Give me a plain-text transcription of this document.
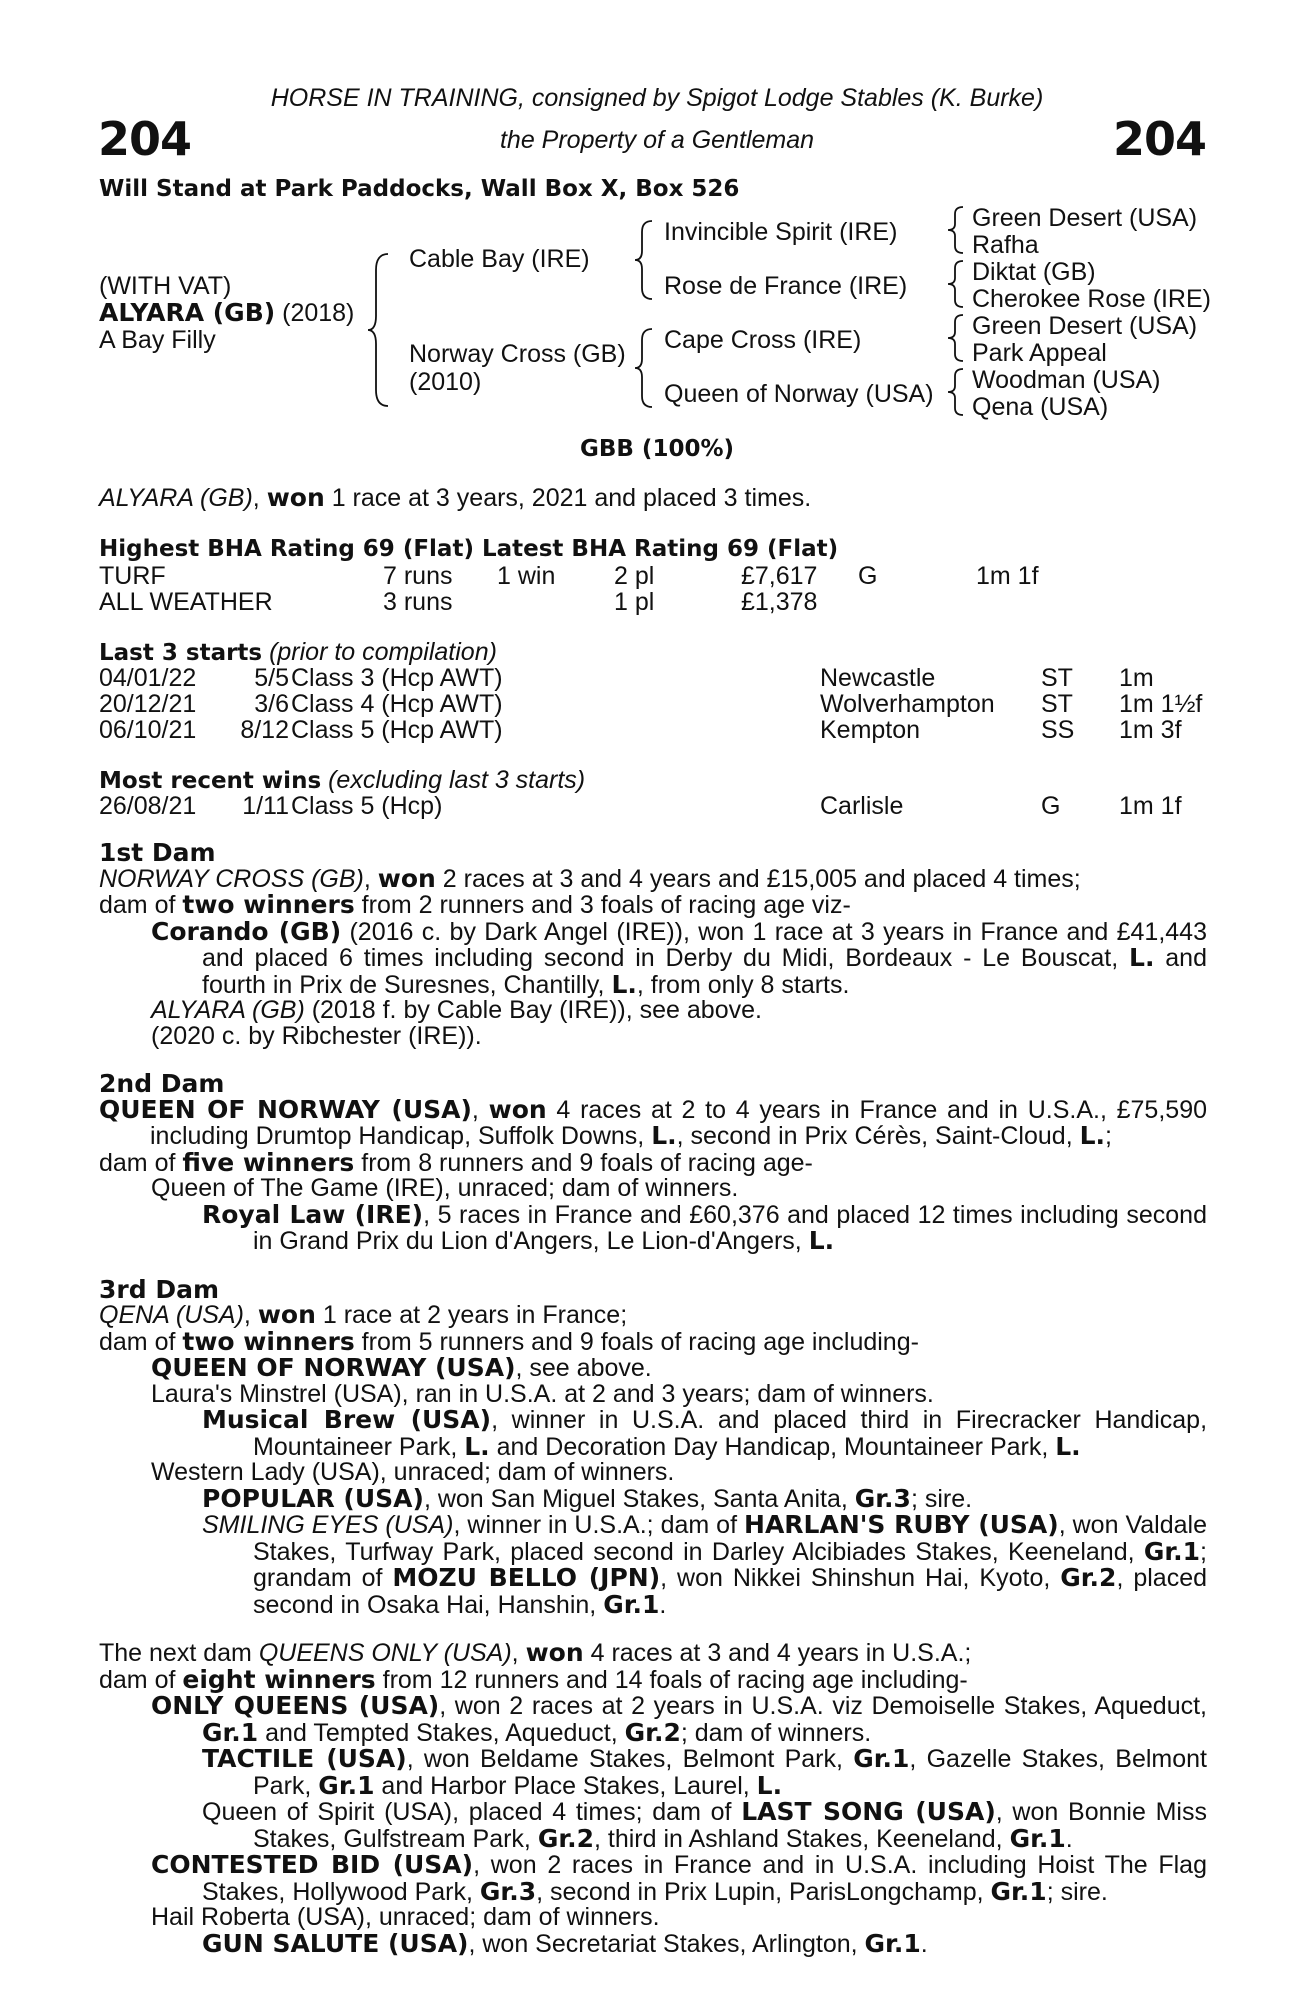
204	204
HORSE IN TRAINING, consigned by Spigot Lodge Stables (K. Burke)
the Property of a Gentleman
Will Stand at Park Paddocks, Wall Box X, Box 526
(WITH VAT)
ALYARA (GB) (2018)
A Bay Filly
Cable Bay (IRE)
Norway Cross (GB)
(2010)
Invincible Spirit (IRE)
Rose de France (IRE)
Cape Cross (IRE)
Queen of Norway (USA)
Green Desert (USA)
Rafha
Diktat (GB)
Cherokee Rose (IRE)
Green Desert (USA)
Park Appeal
Woodman (USA)
Qena (USA)
GBB (100%)
ALYARA (GB), won 1 race at 3 years, 2021 and placed 3 times.
Highest BHA Rating 69 (Flat) Latest BHA Rating 69 (Flat)
TURF	7 runs 1 win 2 pl	£7,617 G	1m 1f
ALL WEATHER	3 runs	1 pl	£1,378
Last 3 starts (prior to compilation)
04/01/22 5/5 Class 3 (Hcp AWT)	Newcastle	ST 1m
20/12/21 3/6 Class 4 (Hcp AWT)	Wolverhampton ST 1m 1½f
06/10/21 8/12 Class 5 (Hcp AWT)	Kempton	SS 1m 3f
Most recent wins (excluding last 3 starts)
26/08/21 1/11 Class 5 (Hcp)	Carlisle	G 1m 1f
1st Dam
NORWAY CROSS (GB), won 2 races at 3 and 4 years and £15,005 and placed 4 times;
dam of two winners from 2 runners and 3 foals of racing age viz-
Corando (GB) (2016 c. by Dark Angel (IRE)), won 1 race at 3 years in France and £41,443 and placed 6 times including second in Derby du Midi, Bordeaux - Le Bouscat, L. and fourth in Prix de Suresnes, Chantilly, L., from only 8 starts.
ALYARA (GB) (2018 f. by Cable Bay (IRE)), see above.
(2020 c. by Ribchester (IRE)).
2nd Dam
QUEEN OF NORWAY (USA), won 4 races at 2 to 4 years in France and in U.S.A., £75,590 including Drumtop Handicap, Suffolk Downs, L., second in Prix Cérès, Saint-Cloud, L.;
dam of five winners from 8 runners and 9 foals of racing age-
Queen of The Game (IRE), unraced; dam of winners.
Royal Law (IRE), 5 races in France and £60,376 and placed 12 times including second in Grand Prix du Lion d'Angers, Le Lion-d'Angers, L.
3rd Dam
QENA (USA), won 1 race at 2 years in France;
dam of two winners from 5 runners and 9 foals of racing age including-
QUEEN OF NORWAY (USA), see above.
Laura's Minstrel (USA), ran in U.S.A. at 2 and 3 years; dam of winners.
Musical Brew (USA), winner in U.S.A. and placed third in Firecracker Handicap, Mountaineer Park, L. and Decoration Day Handicap, Mountaineer Park, L.
Western Lady (USA), unraced; dam of winners.
POPULAR (USA), won San Miguel Stakes, Santa Anita, Gr.3; sire.
SMILING EYES (USA), winner in U.S.A.; dam of HARLAN'S RUBY (USA), won Valdale Stakes, Turfway Park, placed second in Darley Alcibiades Stakes, Keeneland, Gr.1; grandam of MOZU BELLO (JPN), won Nikkei Shinshun Hai, Kyoto, Gr.2, placed second in Osaka Hai, Hanshin, Gr.1.
The next dam QUEENS ONLY (USA), won 4 races at 3 and 4 years in U.S.A.;
dam of eight winners from 12 runners and 14 foals of racing age including-
ONLY QUEENS (USA), won 2 races at 2 years in U.S.A. viz Demoiselle Stakes, Aqueduct, Gr.1 and Tempted Stakes, Aqueduct, Gr.2; dam of winners.
TACTILE (USA), won Beldame Stakes, Belmont Park, Gr.1, Gazelle Stakes, Belmont Park, Gr.1 and Harbor Place Stakes, Laurel, L.
Queen of Spirit (USA), placed 4 times; dam of LAST SONG (USA), won Bonnie Miss Stakes, Gulfstream Park, Gr.2, third in Ashland Stakes, Keeneland, Gr.1.
CONTESTED BID (USA), won 2 races in France and in U.S.A. including Hoist The Flag Stakes, Hollywood Park, Gr.3, second in Prix Lupin, ParisLongchamp, Gr.1; sire.
Hail Roberta (USA), unraced; dam of winners.
GUN SALUTE (USA), won Secretariat Stakes, Arlington, Gr.1.
